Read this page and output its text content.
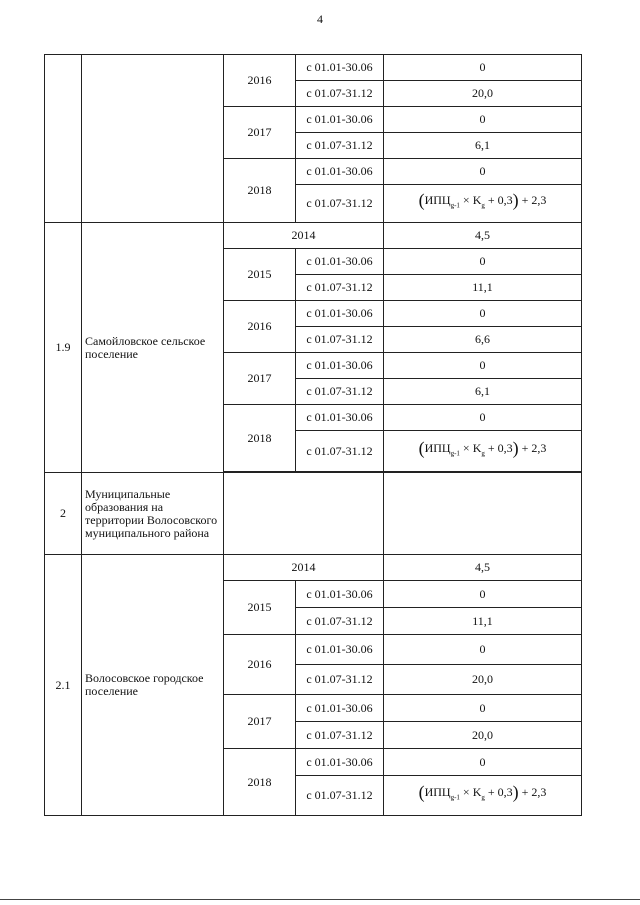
4
		2016	с 01.01-30.06	0
			с 01.07-31.12	20,0
		2017	с 01.01-30.06	0
			с 01.07-31.12	6,1
		2018	с 01.01-30.06	0
			с 01.07-31.12	$(ИПЦ_{g-1} \times K_g + 0,3) + 2,3$
1.9	Самойловское сельское поселение	2014		4,5
		2015	с 01.01-30.06	0
			с 01.07-31.12	11,1
		2016	с 01.01-30.06	0
			с 01.07-31.12	6,6
		2017	с 01.01-30.06	0
			с 01.07-31.12	6,1
		2018	с 01.01-30.06	0
			с 01.07-31.12	$(ИПЦ_{g-1} \times K_g + 0,3) + 2,3$

2	Муниципальные образования на территории Волосовского муниципального района			
2.1	Волосовское городское поселение	2014		4,5
		2015	с 01.01-30.06	0
			с 01.07-31.12	11,1
		2016	с 01.01-30.06	0
			с 01.07-31.12	20,0
		2017	с 01.01-30.06	0
			с 01.07-31.12	20,0
		2018	с 01.01-30.06	0
			с 01.07-31.12	$(ИПЦ_{g-1} \times K_g + 0,3) + 2,3$
